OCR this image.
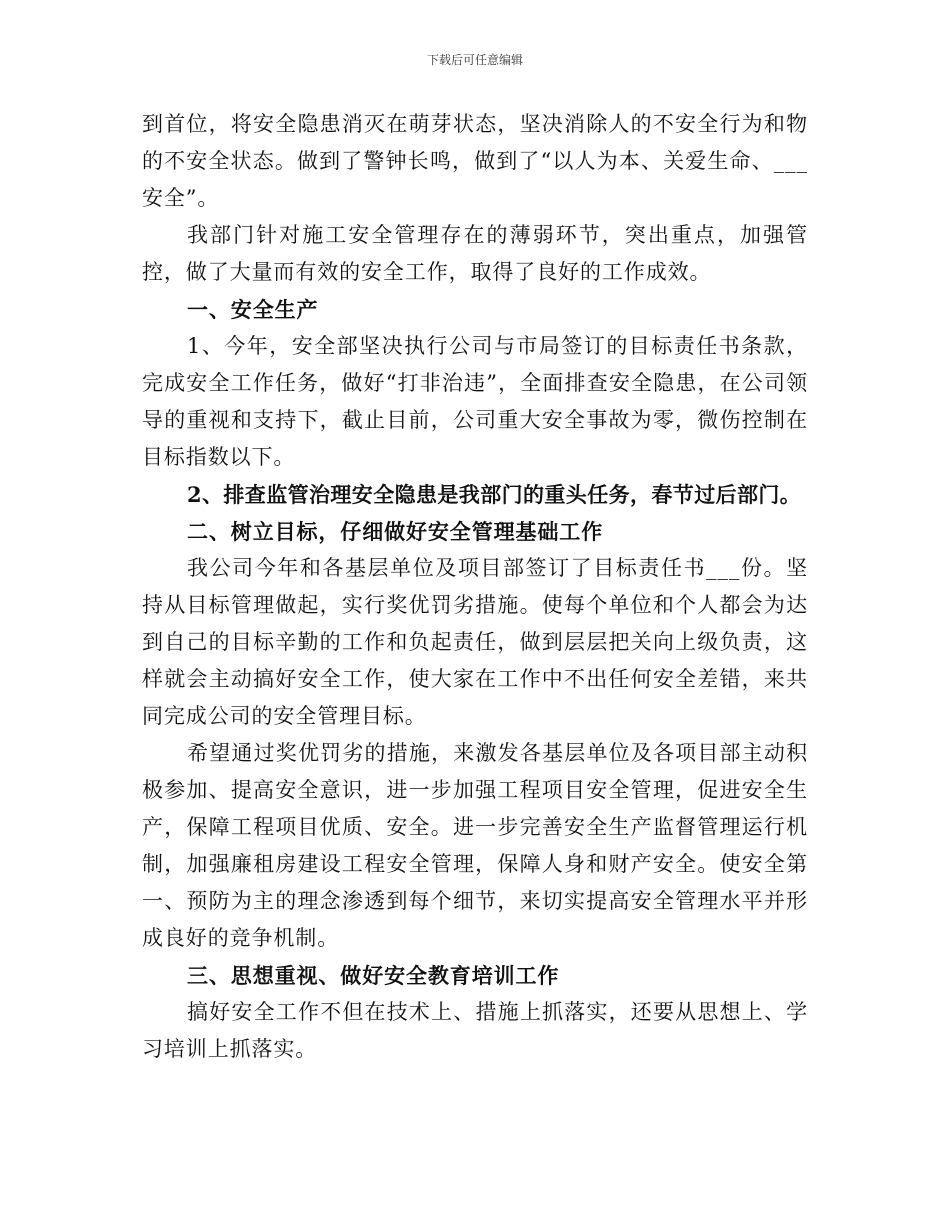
下载后可任意编辑

到首位，将安全隐患消灭在萌芽状态，坚决消除人的不安全行为和物的不安全状态。做到了警钟长鸣，做到了“以人为本、关爱生命、___安全”。

我部门针对施工安全管理存在的薄弱环节，突出重点，加强管控，做了大量而有效的安全工作，取得了良好的工作成效。

一、安全生产

1、今年，安全部坚决执行公司与市局签订的目标责任书条款，完成安全工作任务，做好“打非治违”，全面排查安全隐患，在公司领导的重视和支持下，截止目前，公司重大安全事故为零，微伤控制在目标指数以下。

2、排查监管治理安全隐患是我部门的重头任务，春节过后部门。

二、树立目标，仔细做好安全管理基础工作

我公司今年和各基层单位及项目部签订了目标责任书___份。坚持从目标管理做起，实行奖优罚劣措施。使每个单位和个人都会为达到自己的目标辛勤的工作和负起责任，做到层层把关向上级负责，这样就会主动搞好安全工作，使大家在工作中不出任何安全差错，来共同完成公司的安全管理目标。

希望通过奖优罚劣的措施，来激发各基层单位及各项目部主动积极参加、提高安全意识，进一步加强工程项目安全管理，促进安全生产，保障工程项目优质、安全。进一步完善安全生产监督管理运行机制，加强廉租房建设工程安全管理，保障人身和财产安全。使安全第一、预防为主的理念渗透到每个细节，来切实提高安全管理水平并形成良好的竞争机制。

三、思想重视、做好安全教育培训工作

搞好安全工作不但在技术上、措施上抓落实，还要从思想上、学习培训上抓落实。
